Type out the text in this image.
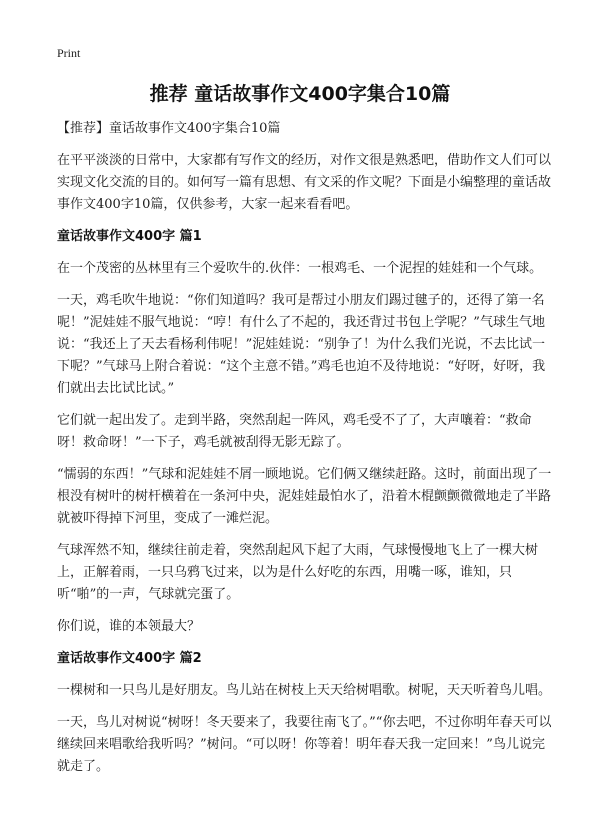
Print
推荐 童话故事作文400字集合10篇

【推荐】童话故事作文400字集合10篇

在平平淡淡的日常中，大家都有写作文的经历，对作文很是熟悉吧，借助作文人们可以实现文化交流的目的。如何写一篇有思想、有文采的作文呢？下面是小编整理的童话故事作文400字10篇，仅供参考，大家一起来看看吧。

童话故事作文400字 篇1

在一个茂密的丛林里有三个爱吹牛的.伙伴：一根鸡毛、一个泥捏的娃娃和一个气球。

一天，鸡毛吹牛地说：“你们知道吗？我可是帮过小朋友们踢过毽子的，还得了第一名呢！”泥娃娃不服气地说：“哼！有什么了不起的，我还背过书包上学呢？”气球生气地说：“我还上了天去看杨利伟呢！”泥娃娃说：“别争了！为什么我们光说，不去比试一下呢？”气球马上附合着说：“这个主意不错。”鸡毛也迫不及待地说：“好呀，好呀，我们就出去比试比试。”

它们就一起出发了。走到半路，突然刮起一阵风，鸡毛受不了了，大声嚷着：“救命呀！救命呀！”一下子，鸡毛就被刮得无影无踪了。

“懦弱的东西！”气球和泥娃娃不屑一顾地说。它们俩又继续赶路。这时，前面出现了一根没有树叶的树杆横着在一条河中央，泥娃娃最怕水了，沿着木棍颤颤微微地走了半路就被吓得掉下河里，变成了一滩烂泥。

气球浑然不知，继续往前走着，突然刮起风下起了大雨，气球慢慢地飞上了一棵大树上，正解着雨，一只乌鸦飞过来，以为是什么好吃的东西，用嘴一啄，谁知，只听“啪”的一声，气球就完蛋了。

你们说，谁的本领最大？

童话故事作文400字 篇2

一棵树和一只鸟儿是好朋友。鸟儿站在树枝上天天给树唱歌。树呢，天天听着鸟儿唱。

一天，鸟儿对树说“树呀！冬天要来了，我要往南飞了。”“你去吧，不过你明年春天可以继续回来唱歌给我听吗？”树问。“可以呀！你等着！明年春天我一定回来！”鸟儿说完就走了。
